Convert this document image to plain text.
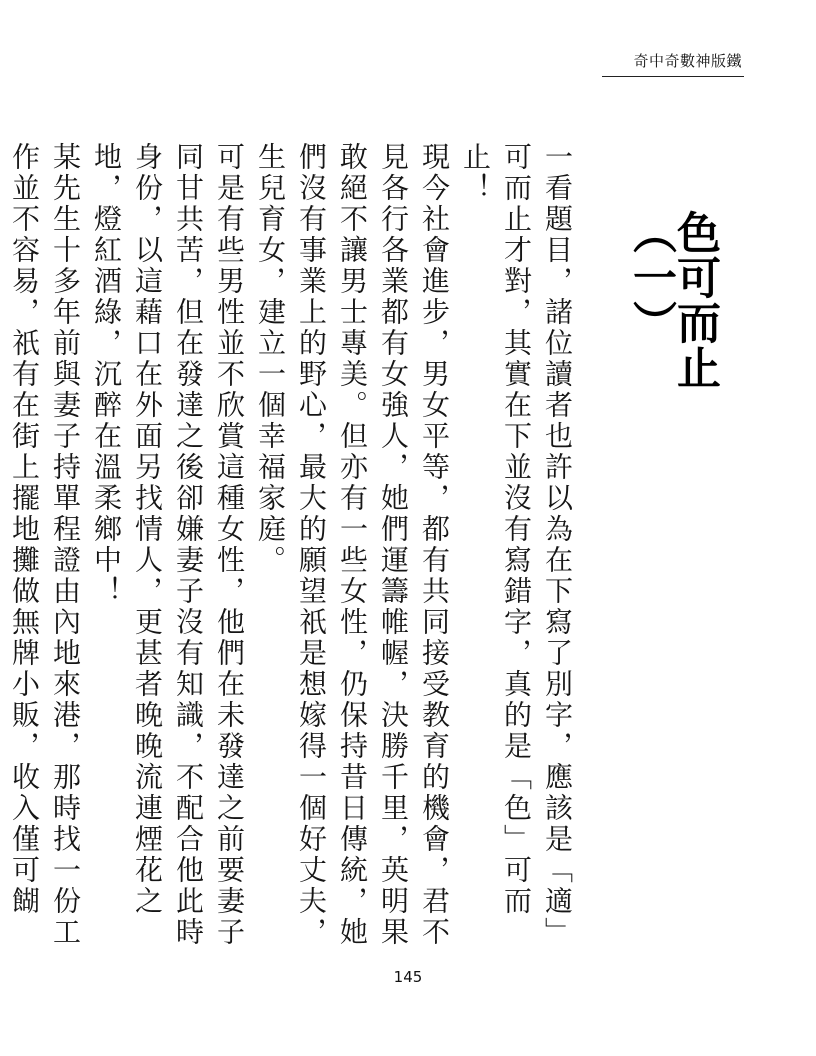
奇中奇數神版鐵
色可而止（一）

一看題目，諸位讀者也許以為在下寫了別字，應該是「適」可而止才對，其實在下並沒有寫錯字，真的是「色」可而止！

現今社會進步，男女平等，都有共同接受教育的機會，君不見各行各業都有女強人，她們運籌帷幄，決勝千里，英明果敢絕不讓男士專美。但亦有一些女性，仍保持昔日傳統，她們沒有事業上的野心，最大的願望祇是想嫁得一個好丈夫，生兒育女，建立一個幸福家庭。

可是有些男性並不欣賞這種女性，他們在未發達之前要妻子同甘共苦，但在發達之後卻嫌妻子沒有知識，不配合他此時身份，以這藉口在外面另找情人，更甚者晚晚流連煙花之地，燈紅酒綠，沉醉在溫柔鄉中！

某先生十多年前與妻子持單程證由內地來港，那時找一份工作並不容易，祇有在街上擺地攤做無牌小販，收入僅可餬

145
